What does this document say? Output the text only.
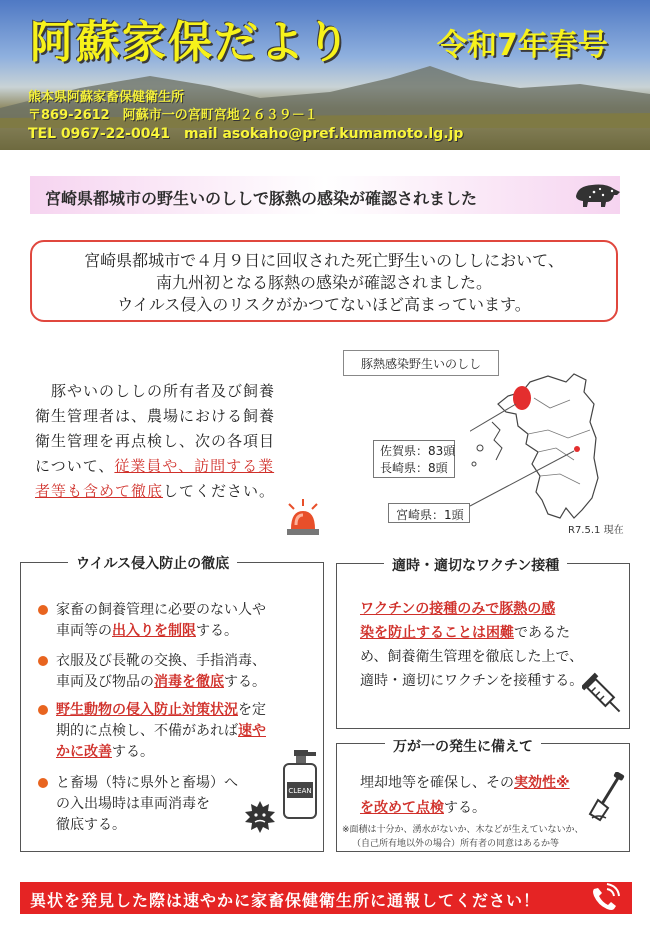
阿蘇家保だより	令和7年春号
熊本県阿蘇家畜保健衛生所
〒869-2612　阿蘇市一の宮町宮地２６３９－１
TEL 0967-22-0041　mail asokaho@pref.kumamoto.lg.jp
宮崎県都城市の野生いのししで豚熱の感染が確認されました
宮崎県都城市で４月９日に回収された死亡野生いのししにおいて、
南九州初となる豚熱の感染が確認されました。
ウイルス侵入のリスクがかつてないほど高まっています。
　豚やいのししの所有者及び飼養
衛生管理者は、農場における飼養
衛生管理を再点検し、次の各項目
について、従業員や、訪問する業
者等も含めて徹底してください。
豚熱感染野生いのしし
佐賀県：83頭
長崎県：8頭
宮崎県：1頭
R7.5.1 現在
ウイルス侵入防止の徹底
家畜の飼養管理に必要のない人や
車両等の出入りを制限する。
衣服及び長靴の交換、手指消毒、
車両及び物品の消毒を徹底する。
野生動物の侵入防止対策状況を定
期的に点検し、不備があれば速や
かに改善する。
と畜場（特に県外と畜場）へ
の入出場時は車両消毒を
徹底する。
CLEAN
適時・適切なワクチン接種
ワクチンの接種のみで豚熱の感
染を防止することは困難であるた
め、飼養衛生管理を徹底した上で、
適時・適切にワクチンを接種する。
万が一の発生に備えて
埋却地等を確保し、その実効性※
を改めて点検する。
※面積は十分か、湧水がないか、木などが生えていないか、
（自己所有地以外の場合）所有者の同意はあるか等
異状を発見した際は速やかに家畜保健衛生所に通報してください！
